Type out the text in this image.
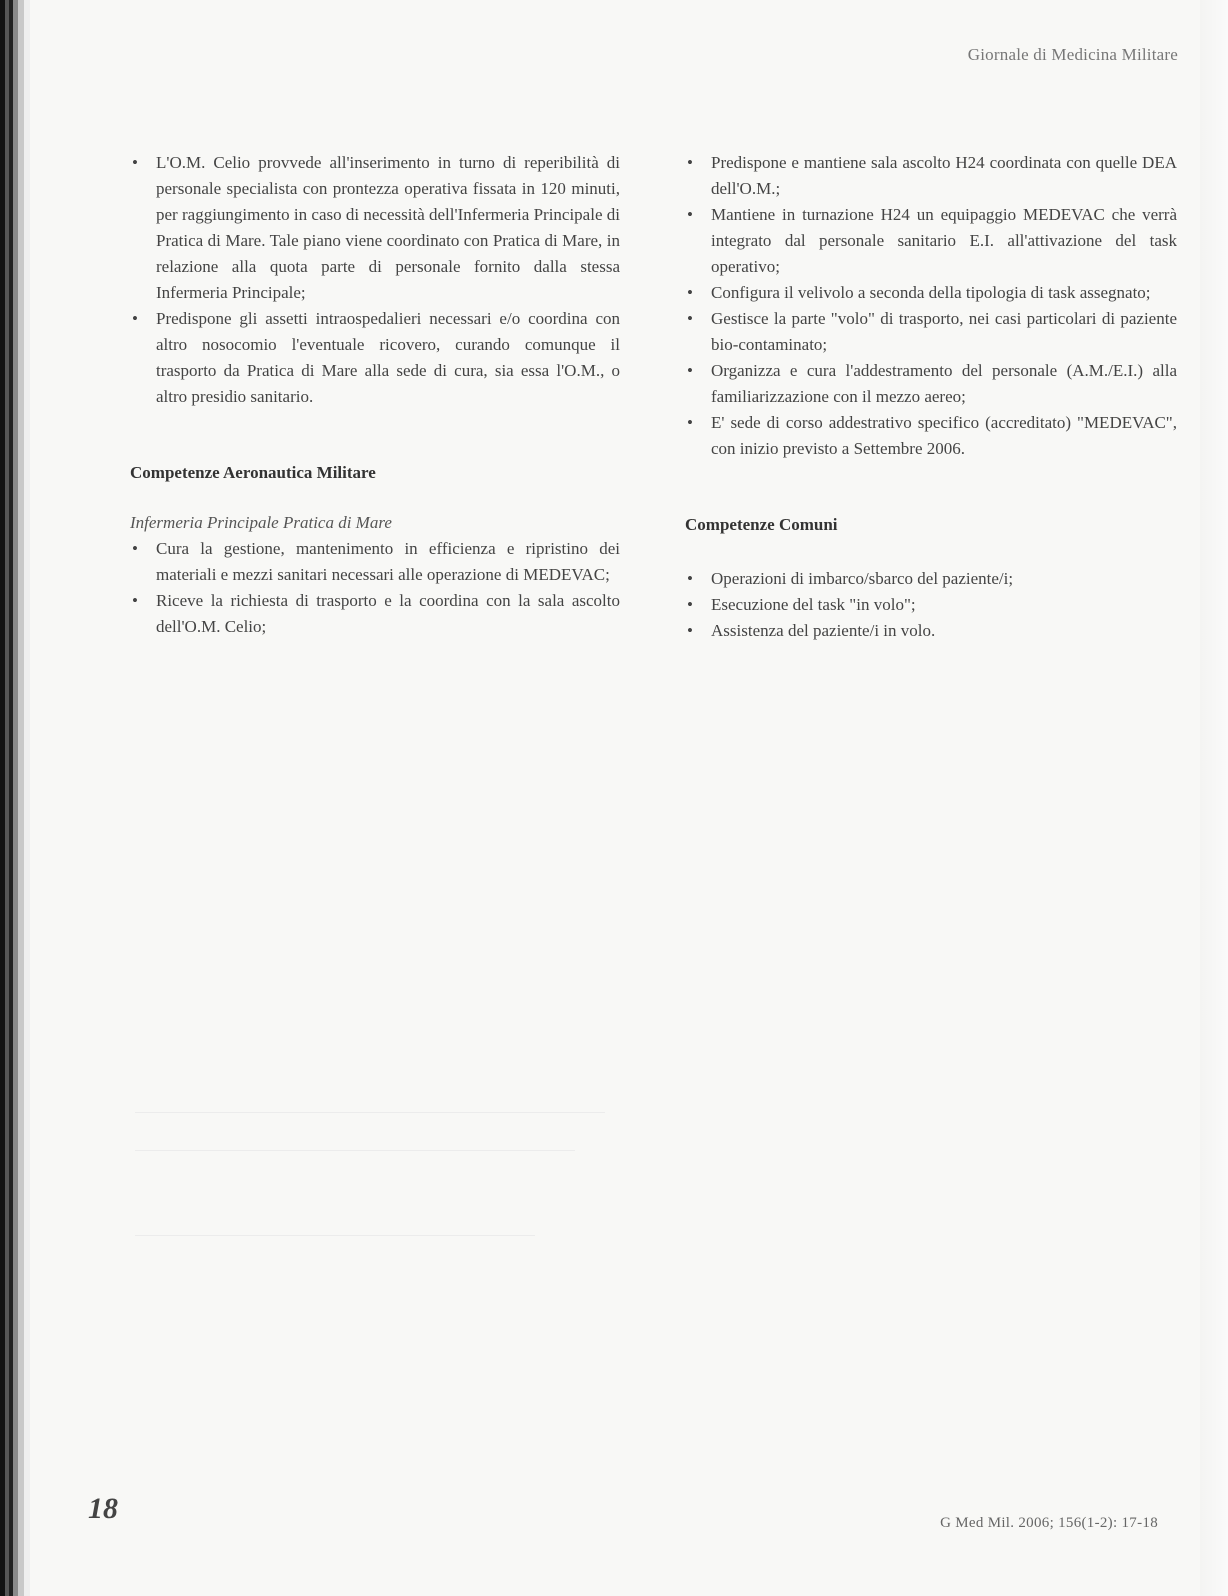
Giornale di Medicina Militare
• L'O.M. Celio provvede all'inserimento in turno di reperibilità di personale specialista con prontezza operativa fissata in 120 minuti, per raggiungimento in caso di necessità dell'Infermeria Principale di Pratica di Mare. Tale piano viene coordinato con Pratica di Mare, in relazione alla quota parte di personale fornito dalla stessa Infermeria Principale;
• Predispone gli assetti intraospedalieri necessari e/o coordina con altro nosocomio l'eventuale ricovero, curando comunque il trasporto da Pratica di Mare alla sede di cura, sia essa l'O.M., o altro presidio sanitario.

Competenze Aeronautica Militare

Infermeria Principale Pratica di Mare

• Cura la gestione, mantenimento in efficienza e ripristino dei materiali e mezzi sanitari necessari alle operazione di MEDEVAC;
• Riceve la richiesta di trasporto e la coordina con la sala ascolto dell'O.M. Celio;
• Predispone e mantiene sala ascolto H24 coordinata con quelle DEA dell'O.M.;
• Mantiene in turnazione H24 un equipaggio MEDEVAC che verrà integrato dal personale sanitario E.I. all'attivazione del task operativo;
• Configura il velivolo a seconda della tipologia di task assegnato;
• Gestisce la parte "volo" di trasporto, nei casi particolari di paziente bio-contaminato;
• Organizza e cura l'addestramento del personale (A.M./E.I.) alla familiarizzazione con il mezzo aereo;
• E' sede di corso addestrativo specifico (accreditato) "MEDEVAC", con inizio previsto a Settembre 2006.

Competenze Comuni

• Operazioni di imbarco/sbarco del paziente/i;
• Esecuzione del task "in volo";
• Assistenza del paziente/i in volo.
18	G Med Mil. 2006; 156(1-2): 17-18
